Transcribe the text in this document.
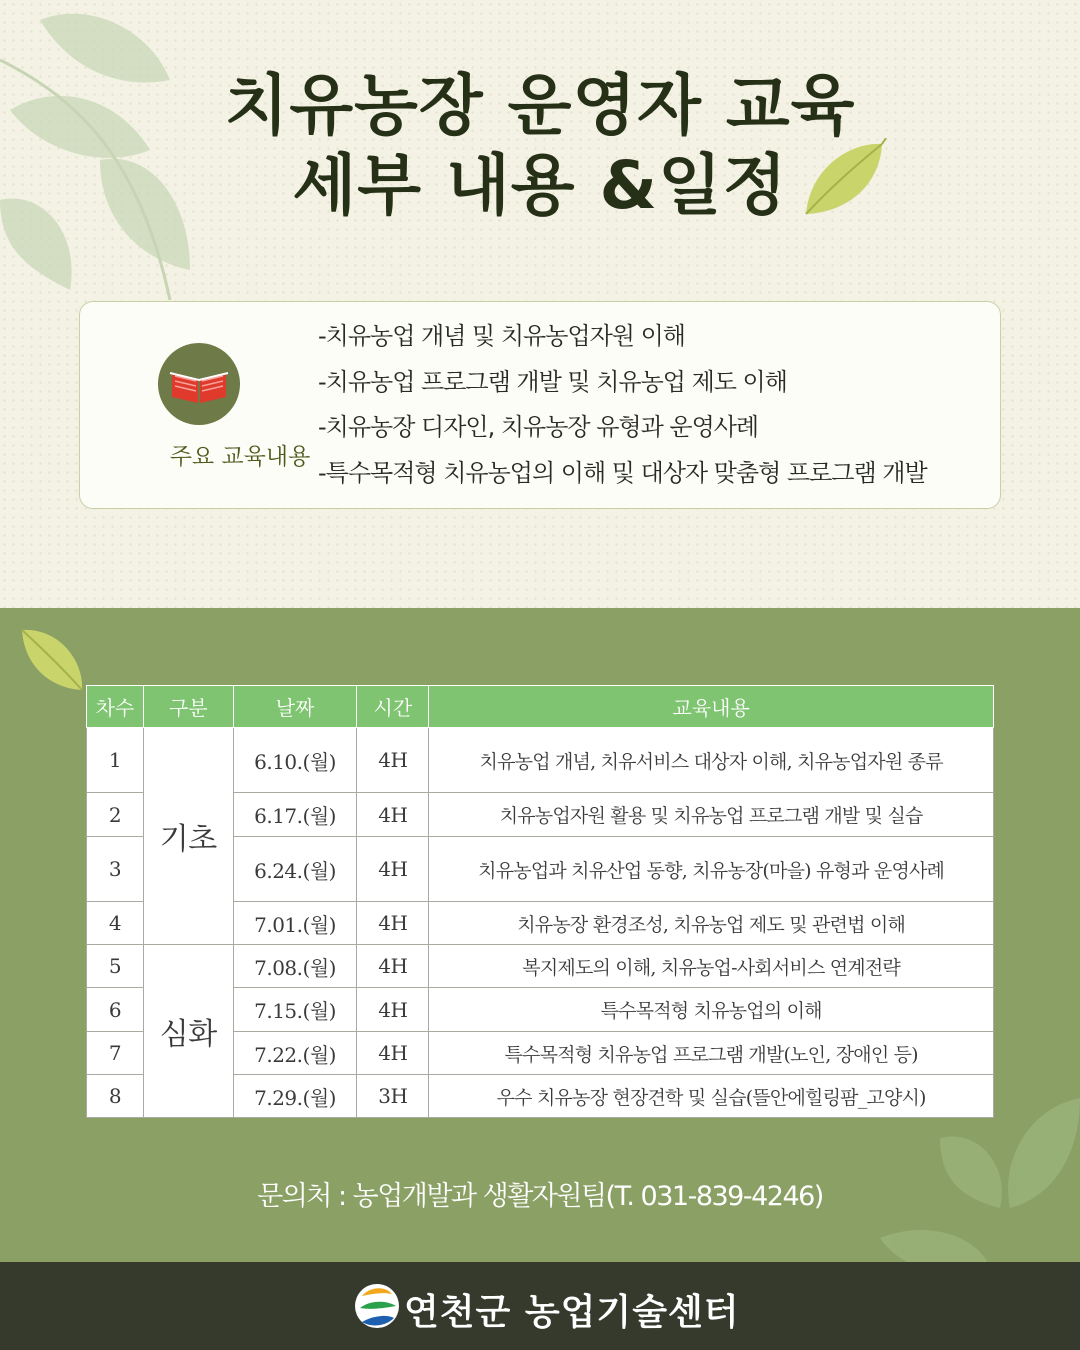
치유농장 운영자 교육
세부 내용 &일정
주요 교육내용
-치유농업 개념 및 치유농업자원 이해
-치유농업 프로그램 개발 및 치유농업 제도 이해
-치유농장 디자인, 치유농장 유형과 운영사례
-특수목적형 치유농업의 이해 및 대상자 맞춤형 프로그램 개발
차수	구분	날짜	시간	교육내용
1	기초	6.10.(월)	4H	치유농업 개념, 치유서비스 대상자 이해, 치유농업자원 종류
2		6.17.(월)	4H	치유농업자원 활용 및 치유농업 프로그램 개발 및 실습
3		6.24.(월)	4H	치유농업과 치유산업 동향, 치유농장(마을) 유형과 운영사례
4		7.01.(월)	4H	치유농장 환경조성, 치유농업 제도 및 관련법 이해
5	심화	7.08.(월)	4H	복지제도의 이해, 치유농업-사회서비스 연계전략
6		7.15.(월)	4H	특수목적형 치유농업의 이해
7		7.22.(월)	4H	특수목적형 치유농업 프로그램 개발(노인, 장애인 등)
8		7.29.(월)	3H	우수 치유농장 현장견학 및 실습(뜰안에힐링팜_고양시)
문의처 : 농업개발과 생활자원팀(T. 031-839-4246)
연천군 농업기술센터
